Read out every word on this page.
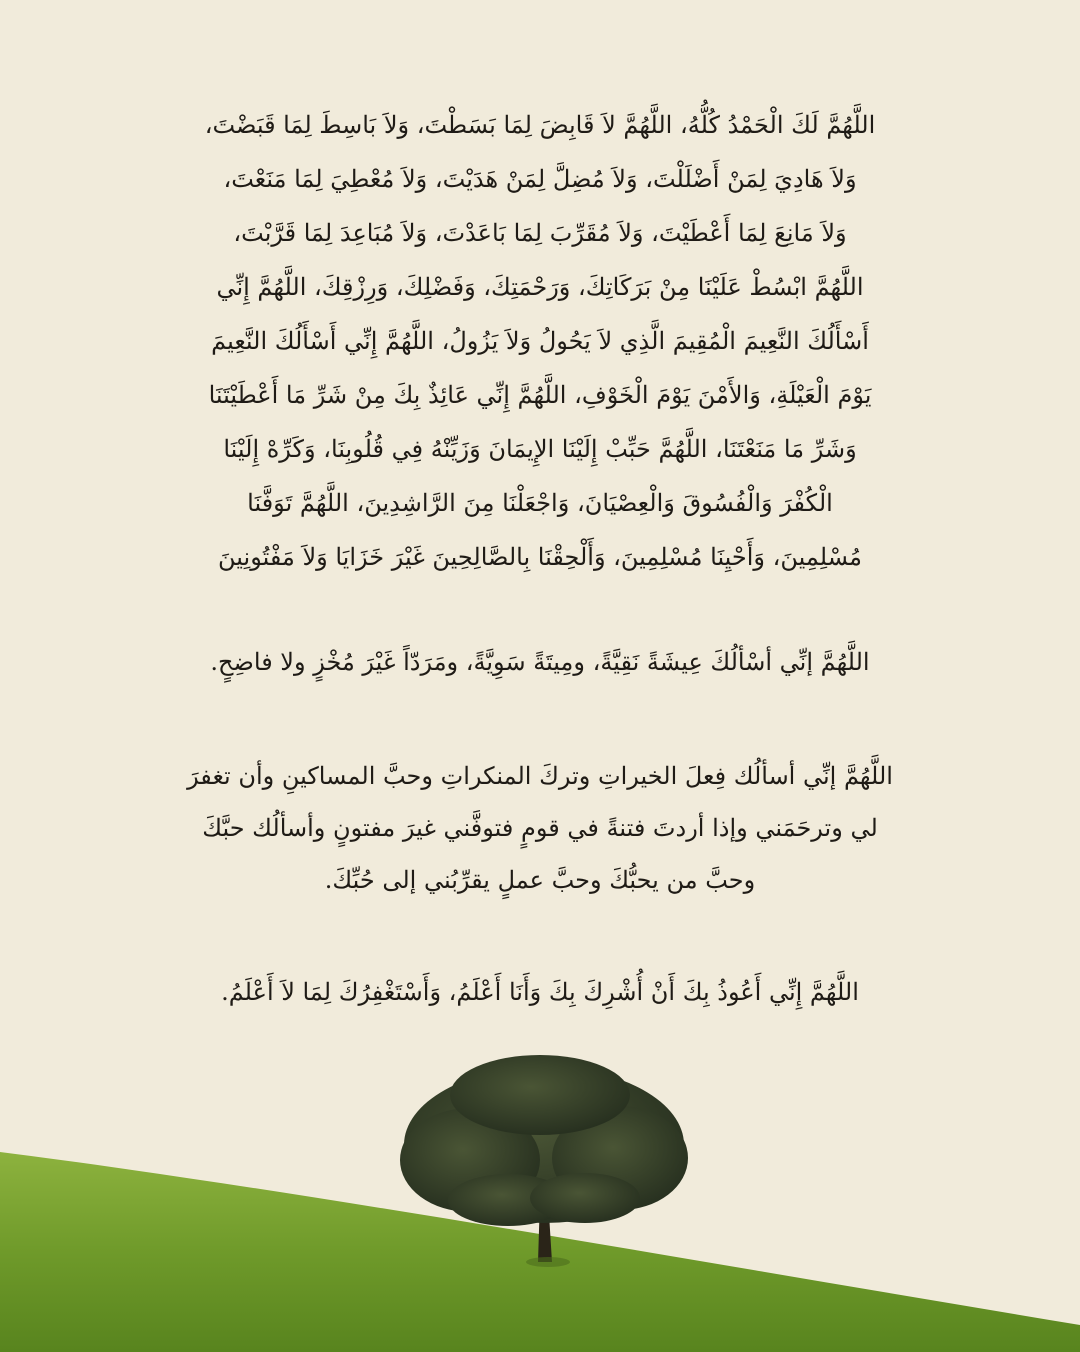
اللَّهُمَّ لَكَ الْحَمْدُ كُلُّهُ، اللَّهُمَّ لاَ قَابِضَ لِمَا بَسَطْتَ، وَلاَ بَاسِطَ لِمَا قَبَضْتَ،
وَلاَ هَادِيَ لِمَنْ أَضْلَلْتَ، وَلاَ مُضِلَّ لِمَنْ هَدَيْتَ، وَلاَ مُعْطِيَ لِمَا مَنَعْتَ،
وَلاَ مَانِعَ لِمَا أَعْطَيْتَ، وَلاَ مُقَرِّبَ لِمَا بَاعَدْتَ، وَلاَ مُبَاعِدَ لِمَا قَرَّبْتَ،
اللَّهُمَّ ابْسُطْ عَلَيْنَا مِنْ بَرَكَاتِكَ، وَرَحْمَتِكَ، وَفَضْلِكَ، وَرِزْقِكَ، اللَّهُمَّ إِنِّي
أَسْأَلُكَ النَّعِيمَ الْمُقِيمَ الَّذِي لاَ يَحُولُ وَلاَ يَزُولُ، اللَّهُمَّ إِنِّي أَسْأَلُكَ النَّعِيمَ
يَوْمَ الْعَيْلَةِ، وَالأَمْنَ يَوْمَ الْخَوْفِ، اللَّهُمَّ إِنِّي عَائِذٌ بِكَ مِنْ شَرِّ مَا أَعْطَيْتَنَا
وَشَرِّ مَا مَنَعْتَنَا، اللَّهُمَّ حَبِّبْ إِلَيْنَا الإِيمَانَ وَزَيِّنْهُ فِي قُلُوبِنَا، وَكَرِّهْ إِلَيْنَا
الْكُفْرَ وَالْفُسُوقَ وَالْعِصْيَانَ، وَاجْعَلْنَا مِنَ الرَّاشِدِينَ، اللَّهُمَّ تَوَفَّنَا
مُسْلِمِينَ، وَأَحْيِنَا مُسْلِمِينَ، وَأَلْحِقْنَا بِالصَّالِحِينَ غَيْرَ خَزَايَا وَلاَ مَفْتُونِينَ
اللَّهُمَّ إنِّي أسْألُكَ عِيشَةً نَقِيَّةً، ومِيتَةً سَوِيَّةً، ومَرَدّاً غَيْرَ مُخْزٍ ولا فاضِحٍ.
اللَّهُمَّ إنِّي أسألُك فِعلَ الخيراتِ وتركَ المنكراتِ وحبَّ المساكينِ وأن تغفرَ
لي وترحَمَني وإذا أردتَ فتنةً في قومٍ فتوفَّني غيرَ مفتونٍ وأسألُك حبَّكَ
وحبَّ من يحبُّكَ وحبَّ عملٍ يقرِّبُني إلى حُبِّكَ.
اللَّهُمَّ إِنِّي أَعُوذُ بِكَ أَنْ أُشْرِكَ بِكَ وَأَنَا أَعْلَمُ، وَأَسْتَغْفِرُكَ لِمَا لاَ أَعْلَمُ.
